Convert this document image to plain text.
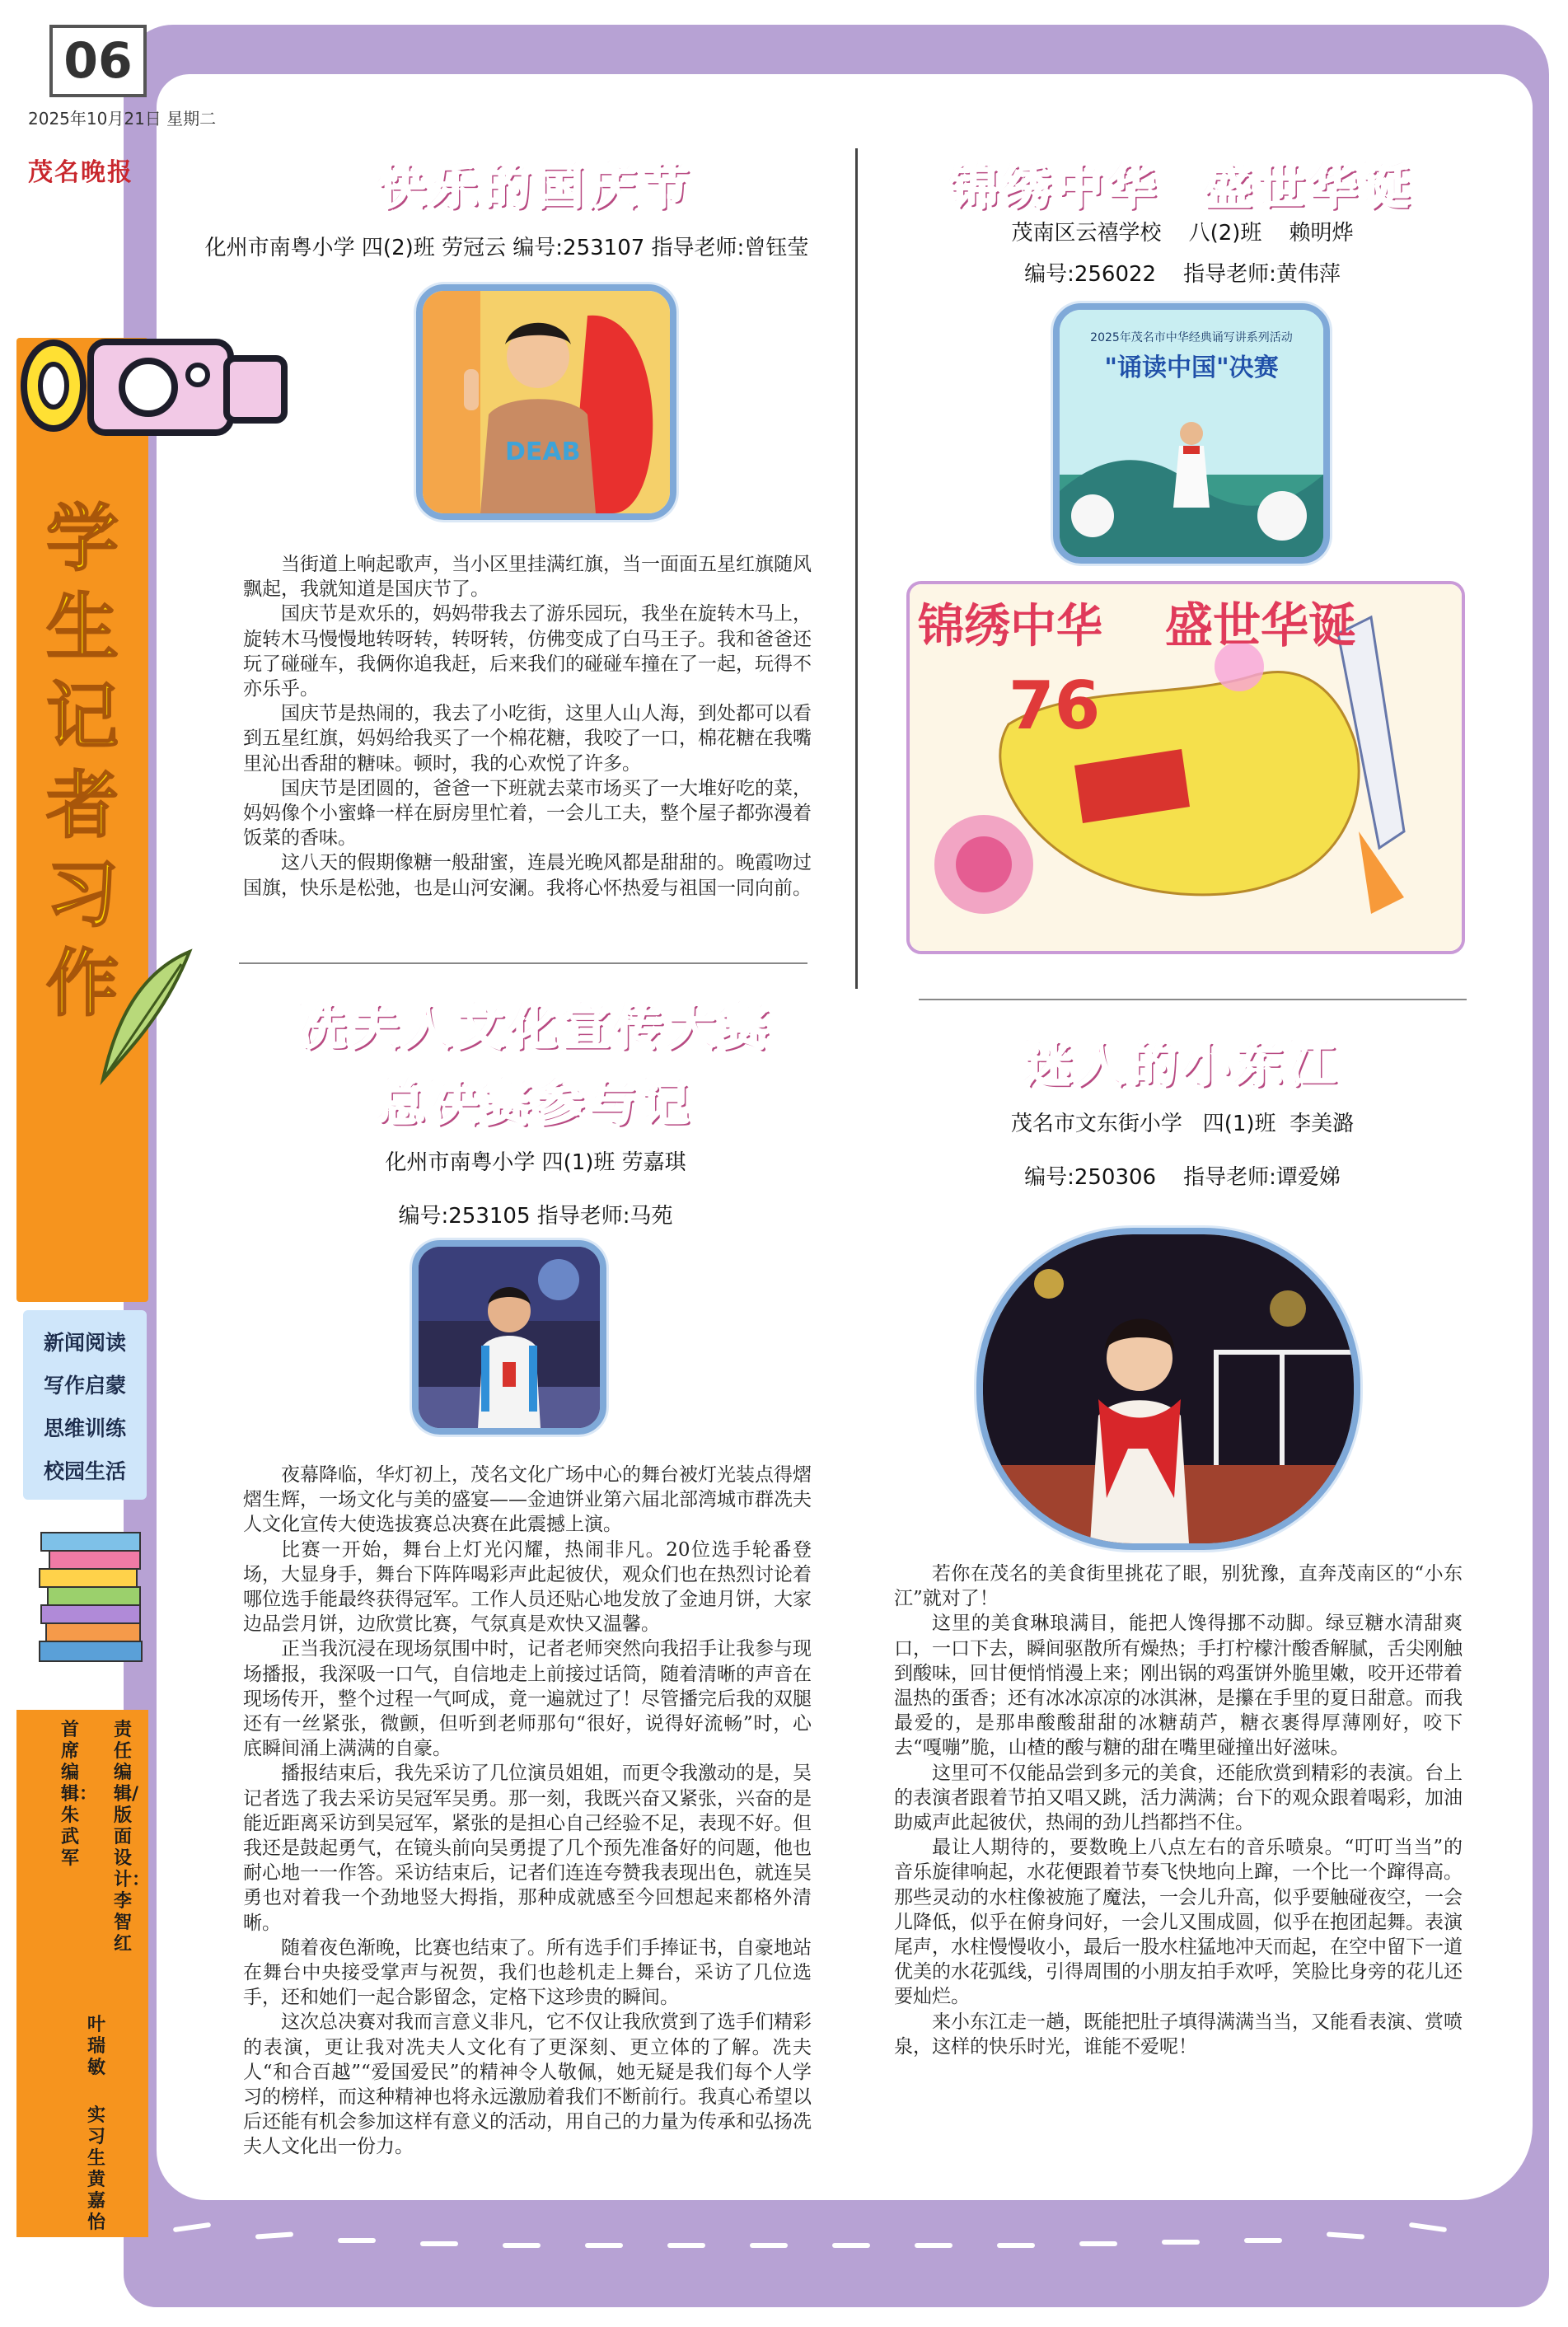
06
2025年10月21日 星期二
茂名晚报
学生记者习作
新闻阅读
写作启蒙
思维训练
校园生活
责任编辑/版面设计：李智红
叶瑞敏
实习生 黄嘉怡
首席编辑：朱武军
快乐的国庆节
化州市南粤小学 四(2)班 劳冠云 编号:253107 指导老师:曾钰莹
DEAB

当街道上响起歌声，当小区里挂满红旗，当一面面五星红旗随风飘起，我就知道是国庆节了。

国庆节是欢乐的，妈妈带我去了游乐园玩，我坐在旋转木马上，旋转木马慢慢地转呀转，转呀转，仿佛变成了白马王子。我和爸爸还玩了碰碰车，我俩你追我赶，后来我们的碰碰车撞在了一起，玩得不亦乐乎。

国庆节是热闹的，我去了小吃街，这里人山人海，到处都可以看到五星红旗，妈妈给我买了一个棉花糖，我咬了一口，棉花糖在我嘴里沁出香甜的糖味。顿时，我的心欢悦了许多。

国庆节是团圆的，爸爸一下班就去菜市场买了一大堆好吃的菜，妈妈像个小蜜蜂一样在厨房里忙着，一会儿工夫，整个屋子都弥漫着饭菜的香味。

这八天的假期像糖一般甜蜜，连晨光晚风都是甜甜的。晚霞吻过国旗，快乐是松弛，也是山河安澜。我将心怀热爱与祖国一同向前。

冼夫人文化宣传大赛
总决赛参与记
化州市南粤小学 四(1)班 劳嘉琪
编号:253105 指导老师:马苑

夜幕降临，华灯初上，茂名文化广场中心的舞台被灯光装点得熠熠生辉，一场文化与美的盛宴——金迪饼业第六届北部湾城市群冼夫人文化宣传大使选拔赛总决赛在此震撼上演。

比赛一开始，舞台上灯光闪耀，热闹非凡。20位选手轮番登场，大显身手，舞台下阵阵喝彩声此起彼伏，观众们也在热烈讨论着哪位选手能最终获得冠军。工作人员还贴心地发放了金迪月饼，大家边品尝月饼，边欣赏比赛，气氛真是欢快又温馨。

正当我沉浸在现场氛围中时，记者老师突然向我招手让我参与现场播报，我深吸一口气，自信地走上前接过话筒，随着清晰的声音在现场传开，整个过程一气呵成，竟一遍就过了！尽管播完后我的双腿还有一丝紧张，微颤，但听到老师那句“很好，说得好流畅”时，心底瞬间涌上满满的自豪。

播报结束后，我先采访了几位演员姐姐，而更令我激动的是，吴记者选了我去采访吴冠军吴勇。那一刻，我既兴奋又紧张，兴奋的是能近距离采访到吴冠军，紧张的是担心自己经验不足，表现不好。但我还是鼓起勇气，在镜头前向吴勇提了几个预先准备好的问题，他也耐心地一一作答。采访结束后，记者们连连夸赞我表现出色，就连吴勇也对着我一个劲地竖大拇指，那种成就感至今回想起来都格外清晰。

随着夜色渐晚，比赛也结束了。所有选手们手捧证书，自豪地站在舞台中央接受掌声与祝贺，我们也趁机走上舞台，采访了几位选手，还和她们一起合影留念，定格下这珍贵的瞬间。

这次总决赛对我而言意义非凡，它不仅让我欣赏到了选手们精彩的表演，更让我对冼夫人文化有了更深刻、更立体的了解。冼夫人“和合百越”“爱国爱民”的精神令人敬佩，她无疑是我们每个人学习的榜样，而这种精神也将永远激励着我们不断前行。我真心希望以后还能有机会参加这样有意义的活动，用自己的力量为传承和弘扬冼夫人文化出一份力。

锦绣中华  盛世华诞
茂南区云禧学校    八(2)班    赖明烨
编号:256022    指导老师:黄伟萍
2025年茂名市中华经典诵写讲系列活动
"诵读中国"决赛
锦绣中华 盛世华诞
76
迷人的小东江
茂名市文东街小学   四(1)班  李美潞
编号:250306    指导老师:谭爱娣

若你在茂名的美食街里挑花了眼，别犹豫，直奔茂南区的“小东江”就对了！

这里的美食琳琅满目，能把人馋得挪不动脚。绿豆糖水清甜爽口，一口下去，瞬间驱散所有燥热；手打柠檬汁酸香解腻，舌尖刚触到酸味，回甘便悄悄漫上来；刚出锅的鸡蛋饼外脆里嫩，咬开还带着温热的蛋香；还有冰冰凉凉的冰淇淋，是攥在手里的夏日甜意。而我最爱的，是那串酸酸甜甜的冰糖葫芦，糖衣裹得厚薄刚好，咬下去“嘎嘣”脆，山楂的酸与糖的甜在嘴里碰撞出好滋味。

这里可不仅能品尝到多元的美食，还能欣赏到精彩的表演。台上的表演者跟着节拍又唱又跳，活力满满；台下的观众跟着喝彩，加油助威声此起彼伏，热闹的劲儿挡都挡不住。

最让人期待的，要数晚上八点左右的音乐喷泉。“叮叮当当”的音乐旋律响起，水花便跟着节奏飞快地向上蹿，一个比一个蹿得高。那些灵动的水柱像被施了魔法，一会儿升高，似乎要触碰夜空，一会儿降低，似乎在俯身问好，一会儿又围成圆，似乎在抱团起舞。表演尾声，水柱慢慢收小，最后一股水柱猛地冲天而起，在空中留下一道优美的水花弧线，引得周围的小朋友拍手欢呼，笑脸比身旁的花儿还要灿烂。

来小东江走一趟，既能把肚子填得满满当当，又能看表演、赏喷泉，这样的快乐时光，谁能不爱呢！
